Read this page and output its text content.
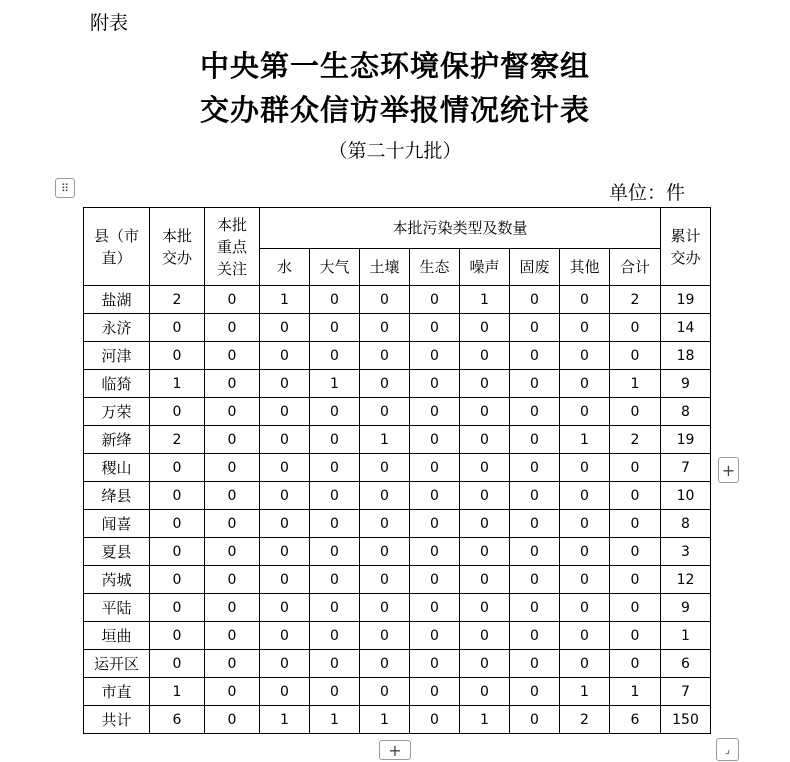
附表
中央第一生态环境保护督察组
交办群众信访举报情况统计表
（第二十九批）
单位：件
⠿
县（市直）	本批交办	本批重点关注	本批污染类型及数量								累计交办
			水	大气	土壤	生态	噪声	固废	其他	合计	
盐湖	2	0	1	0	0	0	1	0	0	2	19
永济	0	0	0	0	0	0	0	0	0	0	14
河津	0	0	0	0	0	0	0	0	0	0	18
临猗	1	0	0	1	0	0	0	0	0	1	9
万荣	0	0	0	0	0	0	0	0	0	0	8
新绛	2	0	0	0	1	0	0	0	1	2	19
稷山	0	0	0	0	0	0	0	0	0	0	7
绛县	0	0	0	0	0	0	0	0	0	0	10
闻喜	0	0	0	0	0	0	0	0	0	0	8
夏县	0	0	0	0	0	0	0	0	0	0	3
芮城	0	0	0	0	0	0	0	0	0	0	12
平陆	0	0	0	0	0	0	0	0	0	0	9
垣曲	0	0	0	0	0	0	0	0	0	0	1
运开区	0	0	0	0	0	0	0	0	0	0	6
市直	1	0	0	0	0	0	0	0	1	1	7
共计	6	0	1	1	1	0	1	0	2	6	150
+
+	⌟
